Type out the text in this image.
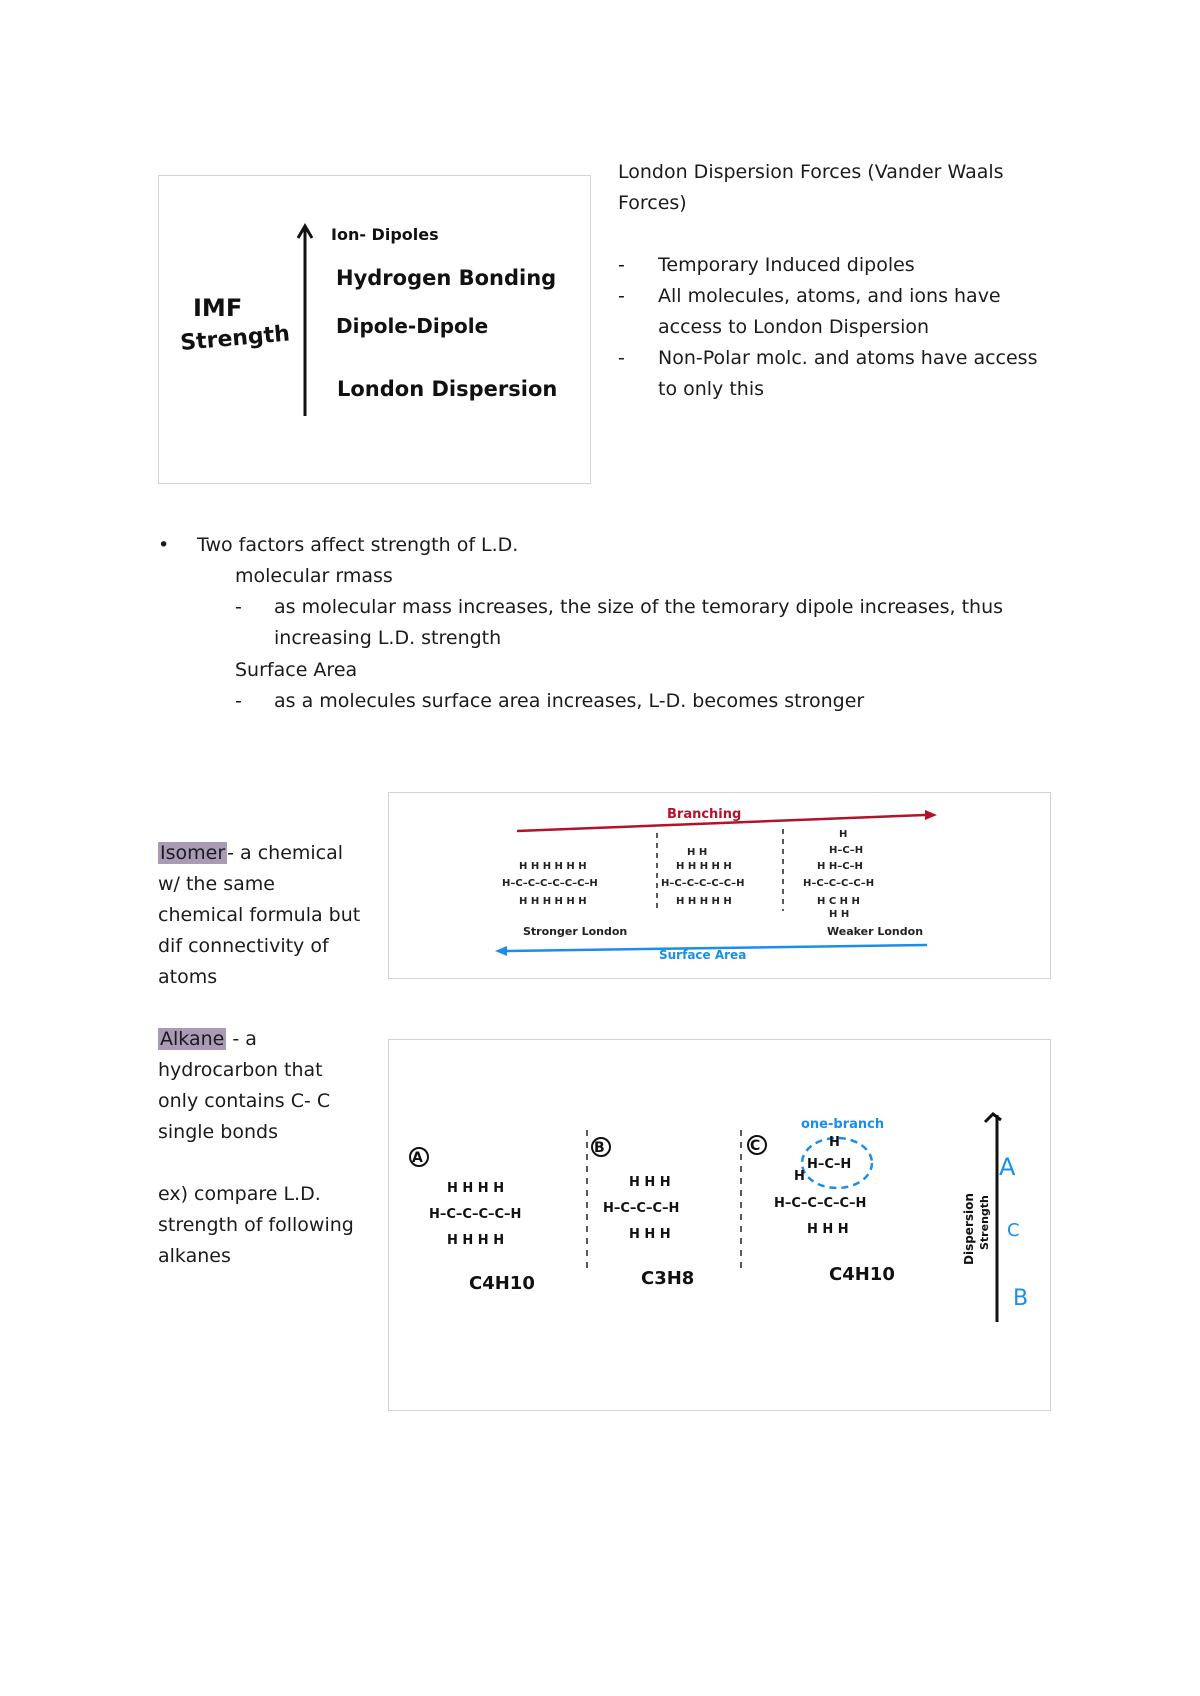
IMF
Strength
Ion- Dipoles
Hydrogen Bonding
Dipole-Dipole
London Dispersion
London Dispersion Forces (Vander Waals
Forces)
- Temporary Induced dipoles
- All molecules, atoms, and ions have
access to London Dispersion
- Non-Polar molc. and atoms have access
to only this
• Two factors affect strength of L.D.
molecular rmass
- as molecular mass increases, the size of the temorary dipole increases, thus
increasing L.D. strength
Surface Area
- as a molecules surface area increases, L-D. becomes stronger
Isomer - a chemical
w/ the same
chemical formula but
dif connectivity of
atoms
Alkane - a
hydrocarbon that
only contains C- C
single bonds
ex) compare L.D.
strength of following
alkanes
Branching
H–C–C–C–C–C–C–H
H H H H H H
H H H H H H
H–C–C–C–C–C–H
H H H H H
H H H H H
H H
H–C–C–C–C–H
H H–C–H
H C H H
H–C–H
H
H H
Stronger London	Weaker London
Surface Area
A
H–C–C–C–C–H
H H H H
H H H H
C4H10
B
H–C–C–C–H
H H H
H H H
C3H8
C
one-branch
H
H–C–H
H
H–C–C–C–C–H
H H H
C4H10
Dispersion Strength
A
C
B
